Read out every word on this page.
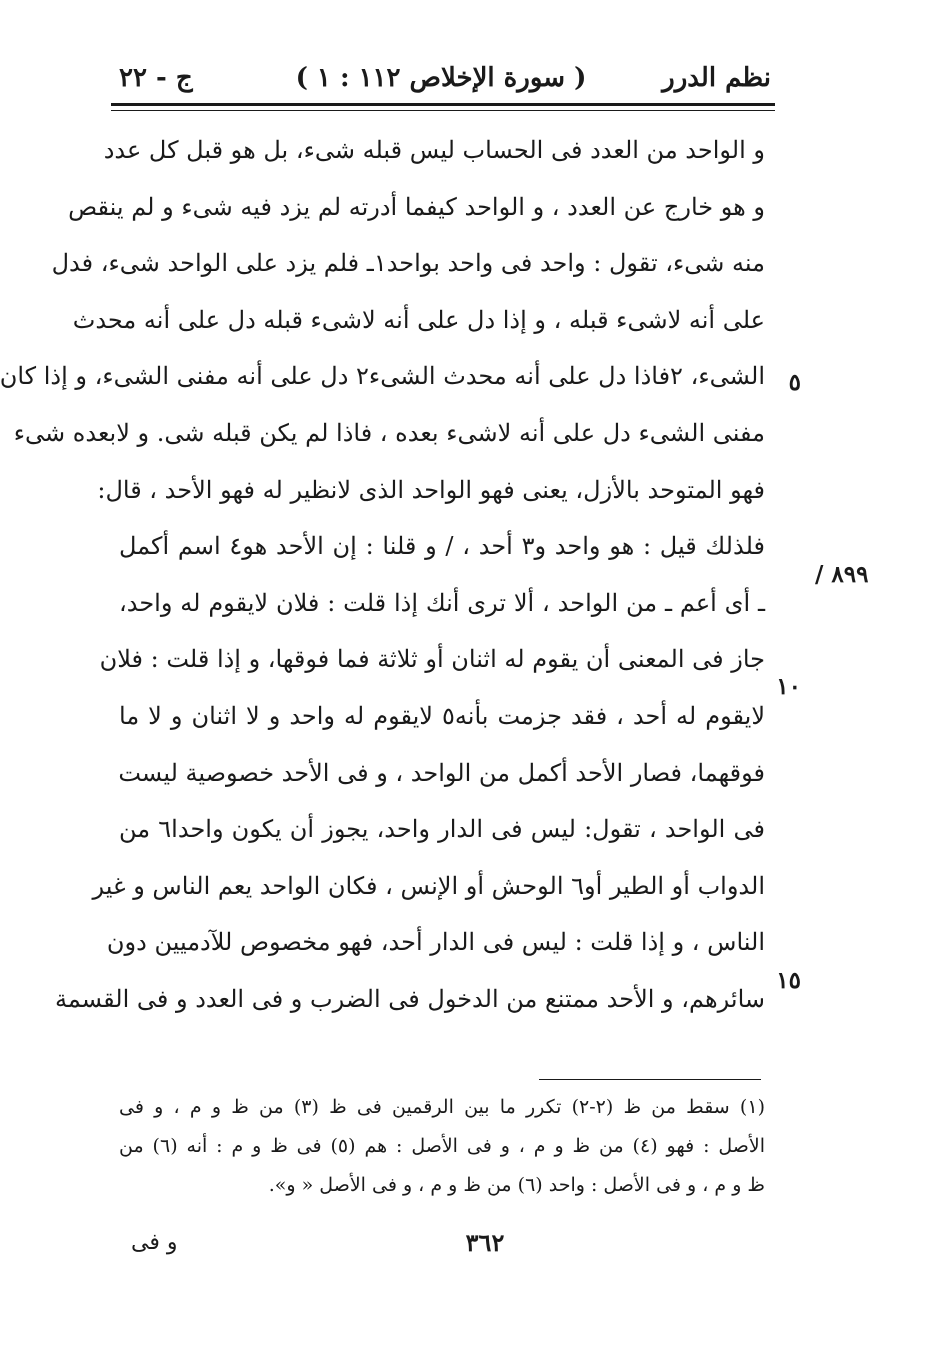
نظم الدرر
( سورة الإخلاص ١١٢ : ١ )
ج - ٢٢
و الواحد من العدد فى الحساب ليس قبله شىء، بل هو قبل كل عدد
و هو خارج عن العدد ، و الواحد كيفما أدرته لم يزد فيه شىء و لم ينقص
منه شىء، تقول : واحد فى واحد بواحد١ـ فلم يزد على الواحد شىء، فدل
على أنه لاشىء قبله ، و إذا دل على أنه لاشىء قبله دل على أنه محدث
الشىء، ٢فاذا دل على أنه محدث الشىء٢ دل على أنه مفنى الشىء، و إذا كان
مفنى الشىء دل على أنه لاشىء بعده ، فاذا لم يكن قبله شى. و لابعده شىء
فهو المتوحد بالأزل، يعنى فهو الواحد الذى لانظير له فهو الأحد ، قال:
فلذلك قيل : هو واحد و٣ أحد ، / و قلنا : إن الأحد هو٤ اسم أكمل
ـ أى أعم ـ من الواحد ، ألا ترى أنك إذا قلت : فلان لايقوم له واحد،
جاز فى المعنى أن يقوم له اثنان أو ثلاثة فما فوقها، و إذا قلت : فلان
لايقوم له أحد ، فقد جزمت بأنه٥ لايقوم له واحد و لا اثنان و لا ما
فوقهما، فصار الأحد أكمل من الواحد ، و فى الأحد خصوصية ليست
فى الواحد ، تقول: ليس فى الدار واحد، يجوز أن يكون واحدا٦ من
الدواب أو الطير أو٦ الوحش أو الإنس ، فكان الواحد يعم الناس و غير
الناس ، و إذا قلت : ليس فى الدار أحد، فهو مخصوص للآدميين دون
سائرهم، و الأحد ممتنع من الدخول فى الضرب و فى العدد و فى القسمة
٥
١٠
١٥
٨٩٩ /
(١) سقط من ظ (٢-٢) تكرر ما بين الرقمين فى ظ (٣) من ظ و م ، و فى
الأصل : فهو (٤) من ظ و م ، و فى الأصل : هم (٥) فى ظ و م : أنه (٦) من
ظ و م ، و فى الأصل : واحد (٦) من ظ و م ، و فى الأصل « و».
٣٦٢
و فى
